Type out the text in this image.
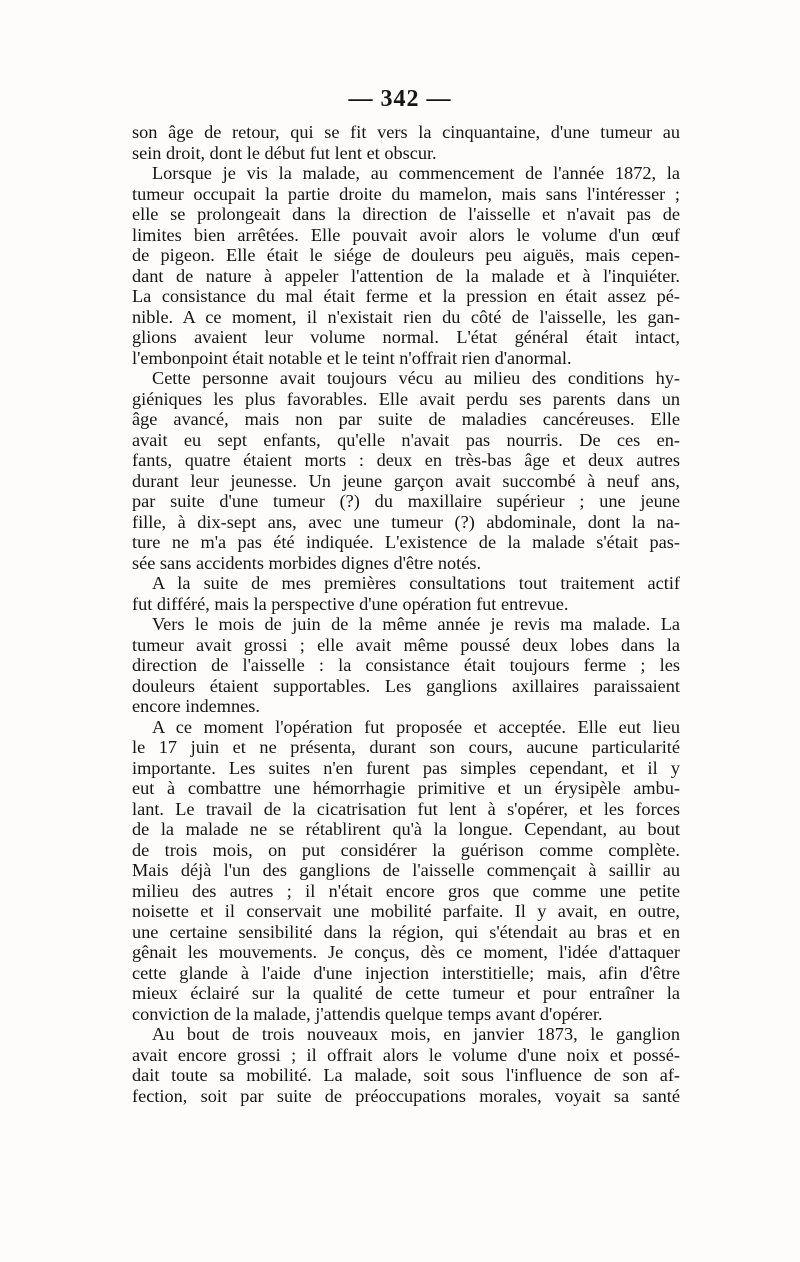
— 342 —
son âge de retour, qui se fit vers la cinquantaine, d'une tumeur au
sein droit, dont le début fut lent et obscur.
Lorsque je vis la malade, au commencement de l'année 1872, la
tumeur occupait la partie droite du mamelon, mais sans l'intéresser ;
elle se prolongeait dans la direction de l'aisselle et n'avait pas de
limites bien arrêtées. Elle pouvait avoir alors le volume d'un œuf
de pigeon. Elle était le siége de douleurs peu aiguës, mais cepen-
dant de nature à appeler l'attention de la malade et à l'inquiéter.
La consistance du mal était ferme et la pression en était assez pé-
nible. A ce moment, il n'existait rien du côté de l'aisselle, les gan-
glions avaient leur volume normal. L'état général était intact,
l'embonpoint était notable et le teint n'offrait rien d'anormal.
Cette personne avait toujours vécu au milieu des conditions hy-
giéniques les plus favorables. Elle avait perdu ses parents dans un
âge avancé, mais non par suite de maladies cancéreuses. Elle
avait eu sept enfants, qu'elle n'avait pas nourris. De ces en-
fants, quatre étaient morts : deux en très-bas âge et deux autres
durant leur jeunesse. Un jeune garçon avait succombé à neuf ans,
par suite d'une tumeur (?) du maxillaire supérieur ; une jeune
fille, à dix-sept ans, avec une tumeur (?) abdominale, dont la na-
ture ne m'a pas été indiquée. L'existence de la malade s'était pas-
sée sans accidents morbides dignes d'être notés.
A la suite de mes premières consultations tout traitement actif
fut différé, mais la perspective d'une opération fut entrevue.
Vers le mois de juin de la même année je revis ma malade. La
tumeur avait grossi ; elle avait même poussé deux lobes dans la
direction de l'aisselle : la consistance était toujours ferme ; les
douleurs étaient supportables. Les ganglions axillaires paraissaient
encore indemnes.
A ce moment l'opération fut proposée et acceptée. Elle eut lieu
le 17 juin et ne présenta, durant son cours, aucune particularité
importante. Les suites n'en furent pas simples cependant, et il y
eut à combattre une hémorrhagie primitive et un érysipèle ambu-
lant. Le travail de la cicatrisation fut lent à s'opérer, et les forces
de la malade ne se rétablirent qu'à la longue. Cependant, au bout
de trois mois, on put considérer la guérison comme complète.
Mais déjà l'un des ganglions de l'aisselle commençait à saillir au
milieu des autres ; il n'était encore gros que comme une petite
noisette et il conservait une mobilité parfaite. Il y avait, en outre,
une certaine sensibilité dans la région, qui s'étendait au bras et en
gênait les mouvements. Je conçus, dès ce moment, l'idée d'attaquer
cette glande à l'aide d'une injection interstitielle; mais, afin d'être
mieux éclairé sur la qualité de cette tumeur et pour entraîner la
conviction de la malade, j'attendis quelque temps avant d'opérer.
Au bout de trois nouveaux mois, en janvier 1873, le ganglion
avait encore grossi ; il offrait alors le volume d'une noix et possé-
dait toute sa mobilité. La malade, soit sous l'influence de son af-
fection, soit par suite de préoccupations morales, voyait sa santé
